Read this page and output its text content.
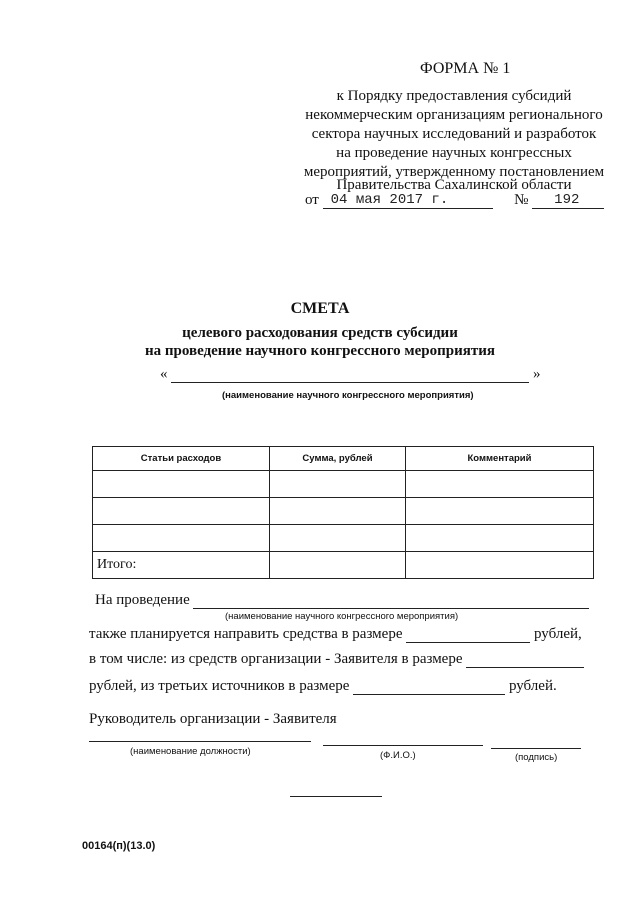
ФОРМА № 1
к Порядку предоставления субсидий
некоммерческим организациям регионального
сектора научных исследований и разработок
на проведение научных конгрессных
мероприятий, утвержденному постановлением
Правительства Сахалинской области
от 04 мая 2017 г.	№ 192
СМЕТА
целевого расходования средств субсидии
на проведение научного конгрессного мероприятия
«	»
(наименование научного конгрессного мероприятия)
Статьи расходов	Сумма, рублей	Комментарий

Итого:		
На проведение
(наименование научного конгрессного мероприятия)
также планируется направить средства в размере	рублей,
в том числе: из средств организации - Заявителя в размере
рублей, из третьих источников в размере	рублей.
Руководитель организации - Заявителя
(наименование должности)	(Ф.И.О.)	(подпись)
00164(п)(13.0)
